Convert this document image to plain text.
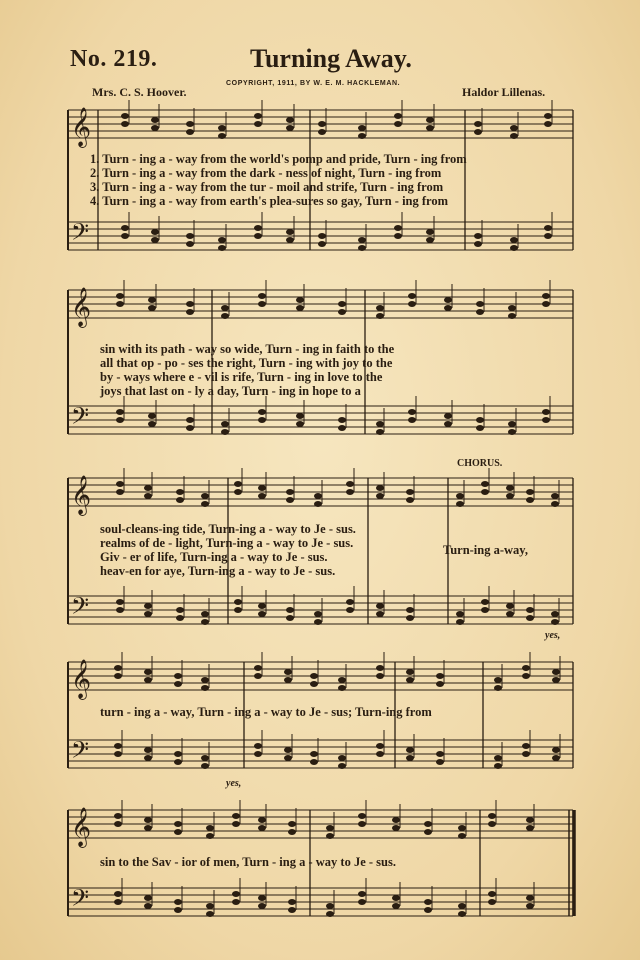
𝄞
𝄢
𝄞
𝄢
𝄞
𝄢
𝄞
𝄢
𝄞
𝄢
No. 219.	Turning Away.
Mrs. C. S. Hoover.
COPYRIGHT, 1911, BY W. E. M. HACKLEMAN.
Haldor Lillenas.
1. Turn - ing a - way from the world's pomp and pride, Turn - ing from
2. Turn - ing a - way from the dark - ness of night, Turn - ing from
3. Turn - ing a - way from the tur - moil and strife, Turn - ing from
4. Turn - ing a - way from earth's plea-sures so gay, Turn - ing from
sin with its path - way so wide, Turn - ing in faith to the
all that op - po - ses the right, Turn - ing with joy to the
by - ways where e - vil is rife, Turn - ing in love to the
joys that last on - ly a day, Turn - ing in hope to a
CHORUS.
soul-cleans-ing tide, Turn-ing a - way to Je - sus.
realms of de - light, Turn-ing a - way to Je - sus.
Giv - er of life, Turn-ing a - way to Je - sus.
heav-en for aye, Turn-ing a - way to Je - sus.
Turn-ing a-way,
yes,
turn - ing a - way, Turn - ing a - way to Je - sus; Turn-ing from
yes,
sin to the Sav - ior of men, Turn - ing a - way to Je - sus.
